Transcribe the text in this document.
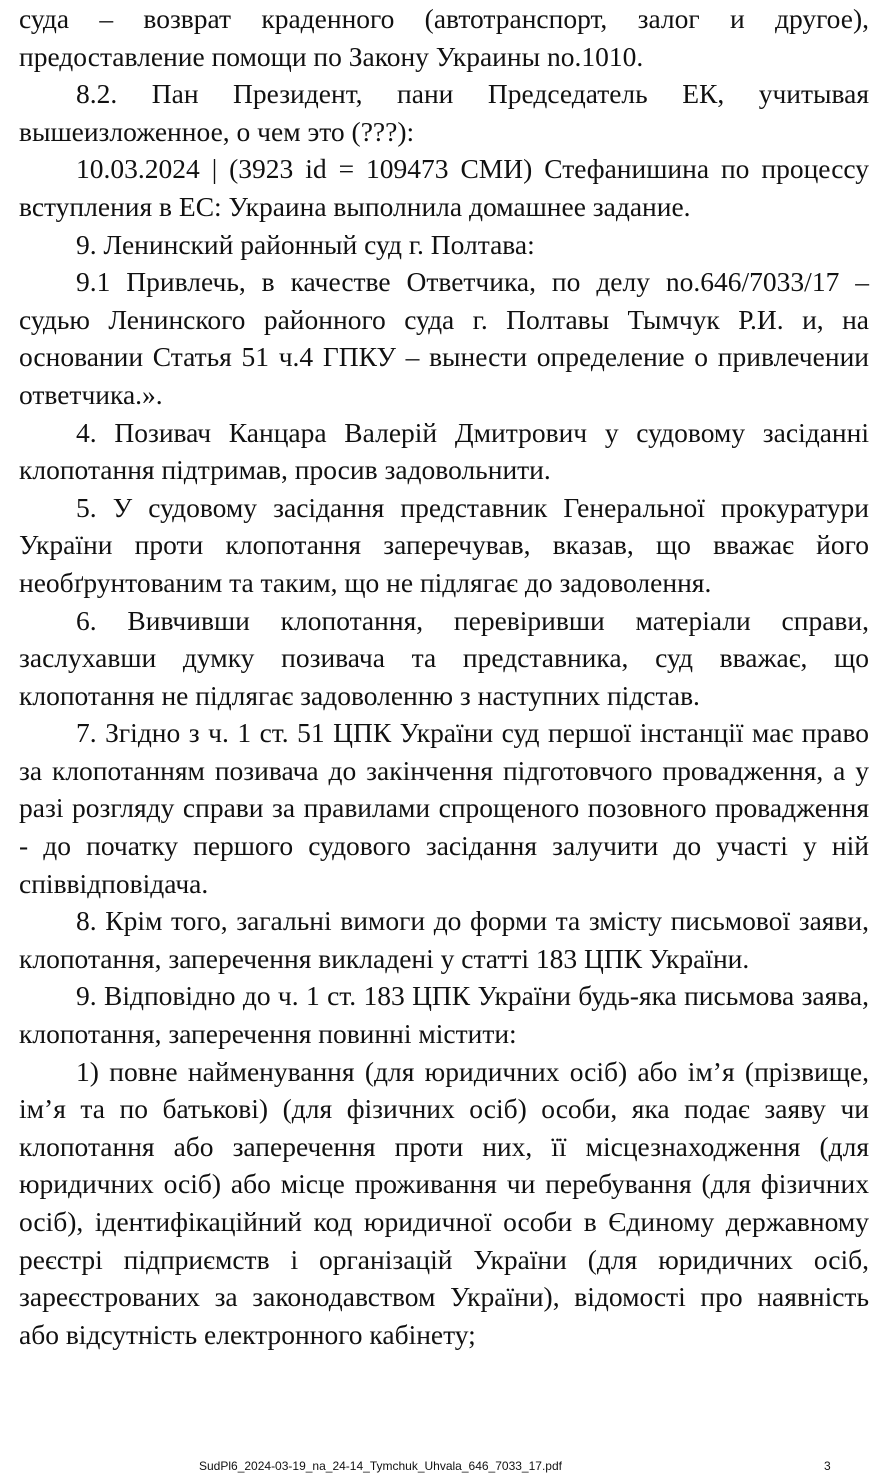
суда – возврат краденного (автотранспорт, залог и другое), предоставление помощи по Закону Украины no.1010.

8.2. Пан Президент, пани Председатель ЕК, учитывая вышеизложенное, о чем это (???):

10.03.2024 | (3923 id = 109473 СМИ) Стефанишина по процессу вступления в ЕС: Украина выполнила домашнее задание.

9. Ленинский районный суд г. Полтава:

9.1 Привлечь, в качестве Ответчика, по делу no.646/7033/17 – судью Ленинского районного суда г. Полтавы Тымчук Р.И. и, на основании Статья 51 ч.4 ГПКУ – вынести определение о привлечении ответчика.».

4. Позивач Канцара Валерій Дмитрович у судовому засіданні клопотання підтримав, просив задовольнити.

5. У судовому засідання представник Генеральної прокуратури України проти клопотання заперечував, вказав, що вважає його необґрунтованим та таким, що не підлягає до задоволення.

6. Вивчивши клопотання, перевіривши матеріали справи, заслухавши думку позивача та представника, суд вважає, що клопотання не підлягає задоволенню з наступних підстав.

7. Згідно з ч. 1 ст. 51 ЦПК України суд першої інстанції має право за клопотанням позивача до закінчення підготовчого провадження, а у разі розгляду справи за правилами спрощеного позовного провадження - до початку першого судового засідання залучити до участі у ній співвідповідача.

8. Крім того, загальні вимоги до форми та змісту письмової заяви, клопотання, заперечення викладені у статті 183 ЦПК України.

9. Відповідно до ч. 1 ст. 183 ЦПК України будь-яка письмова заява, клопотання, заперечення повинні містити:

1) повне найменування (для юридичних осіб) або ім’я (прізвище, ім’я та по батькові) (для фізичних осіб) особи, яка подає заяву чи клопотання або заперечення проти них, її місцезнаходження (для юридичних осіб) або місце проживання чи перебування (для фізичних осіб), ідентифікаційний код юридичної особи в Єдиному державному реєстрі підприємств і організацій України (для юридичних осіб, зареєстрованих за законодавством України), відомості про наявність або відсутність електронного кабінету;

SudPl6_2024-03-19_na_24-14_Tymchuk_Uhvala_646_7033_17.pdf	3
